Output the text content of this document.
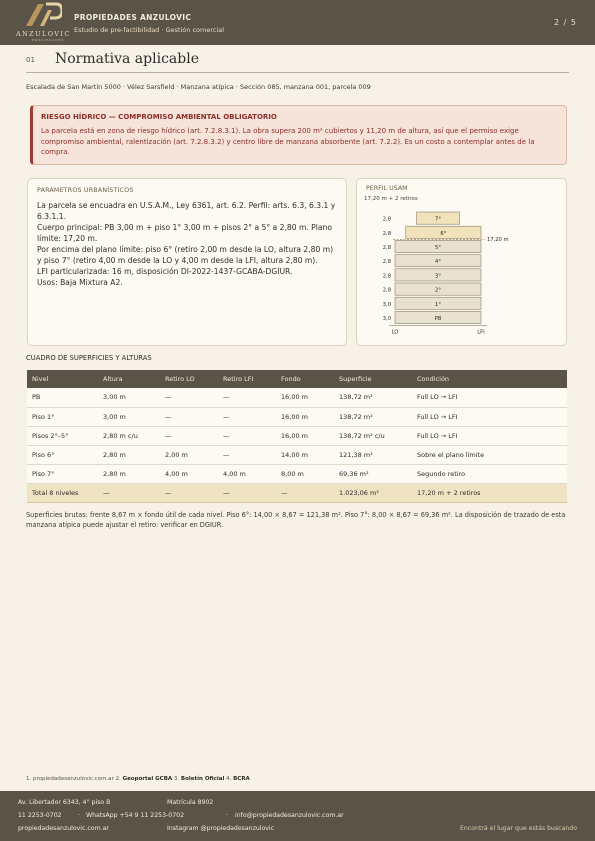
ANZULOVIC
PROPIEDADES
PROPIEDADES ANZULOVIC
Estudio de pre-factibilidad · Gestión comercial
2 / 5
01 Normativa aplicable
Escalada de San Martín 5000 · Vélez Sarsfield · Manzana atípica · Sección 085, manzana 001, parcela 009
RIESGO HÍDRICO — COMPROMISO AMBIENTAL OBLIGATORIO
La parcela está en zona de riesgo hídrico (art. 7.2.8.3.1). La obra supera 200 m² cubiertos y 11,20 m de altura, así que el permiso exige compromiso ambiental, ralentización (art. 7.2.8.3.2) y centro libre de manzana absorbente (art. 7.2.2). Es un costo a contemplar antes de la compra.
PARÁMETROS URBANÍSTICOS
La parcela se encuadra en U.S.A.M., Ley 6361, art. 6.2. Perfil: arts. 6.3, 6.3.1 y 6.3.1.1.
Cuerpo principal: PB 3,00 m + piso 1° 3,00 m + pisos 2° a 5° a 2,80 m. Plano límite: 17,20 m.
Por encima del plano límite: piso 6° (retiro 2,00 m desde la LO, altura 2,80 m) y piso 7° (retiro 4,00 m desde la LO y 4,00 m desde la LFI, altura 2,80 m).
LFI particularizada: 16 m, disposición DI-2022-1437-GCABA-DGIUR.
Usos: Baja Mixtura A2.
7°
2,8
6°
2,8
5°
2,8
4°
2,8
3°
2,8
2°
2,8
1°
3,0
PB
3,0
17,20 m
LO	LFI
PERFIL USAM
17,20 m + 2 retiros
CUADRO DE SUPERFICIES Y ALTURAS
Nivel	Altura	Retiro LO	Retiro LFI	Fondo	Superficie	Condición
PB	3,00 m	—	—	16,00 m	138,72 m²	Full LO → LFI
Piso 1°	3,00 m	—	—	16,00 m	138,72 m²	Full LO → LFI
Pisos 2°–5°	2,80 m c/u	—	—	16,00 m	138,72 m² c/u	Full LO → LFI
Piso 6°	2,80 m	2,00 m	—	14,00 m	121,38 m²	Sobre el plano límite
Piso 7°	2,80 m	4,00 m	4,00 m	8,00 m	69,36 m²	Segundo retiro
Total 8 niveles	—	—	—	—	1.023,06 m²	17,20 m + 2 retiros
Superficies brutas: frente 8,67 m × fondo útil de cada nivel. Piso 6°: 14,00 × 8,67 = 121,38 m². Piso 7°: 8,00 × 8,67 = 69,36 m². La disposición de trazado de esta manzana atípica puede ajustar el retiro: verificar en DGIUR.
1. propiedadesanzulovic.com.ar 2. Geoportal GCBA 3. Boletín Oficial 4. BCRA
Av. Libertador 6343, 4° piso B	Matrícula 8902
11 2253-0702	· WhatsApp +54 9 11 2253-0702	· info@propiedadesanzulovic.com.ar
propiedadesanzulovic.com.ar	Instagram @propiedadesanzulovic	Encontrá el lugar que estás buscando
